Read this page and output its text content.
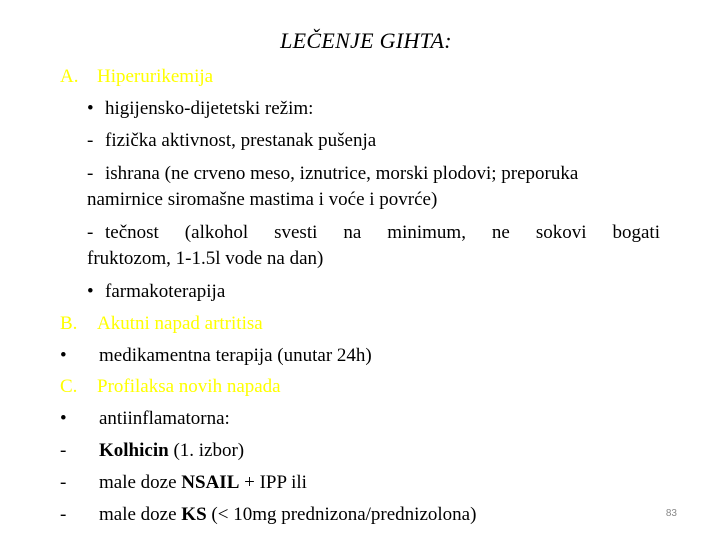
LEČENJE GIHTA:
A. Hiperurikemija
• higijensko-dijetetski režim:
- fizička aktivnost, prestanak pušenja
- ishrana (ne crveno meso, iznutrice, morski plodovi; preporuka
namirnice siromašne mastima i voće i povrće)
- tečnost (alkohol svesti na minimum, ne sokovi bogati
fruktozom, 1-1.5l vode na dan)
• farmakoterapija
B. Akutni napad artritisa
• medikamentna terapija (unutar 24h)
C. Profilaksa novih napada
• antiinflamatorna:
- Kolhicin (1. izbor)
- male doze NSAIL + IPP ili
- male doze KS (< 10mg prednizona/prednizolona)	83
